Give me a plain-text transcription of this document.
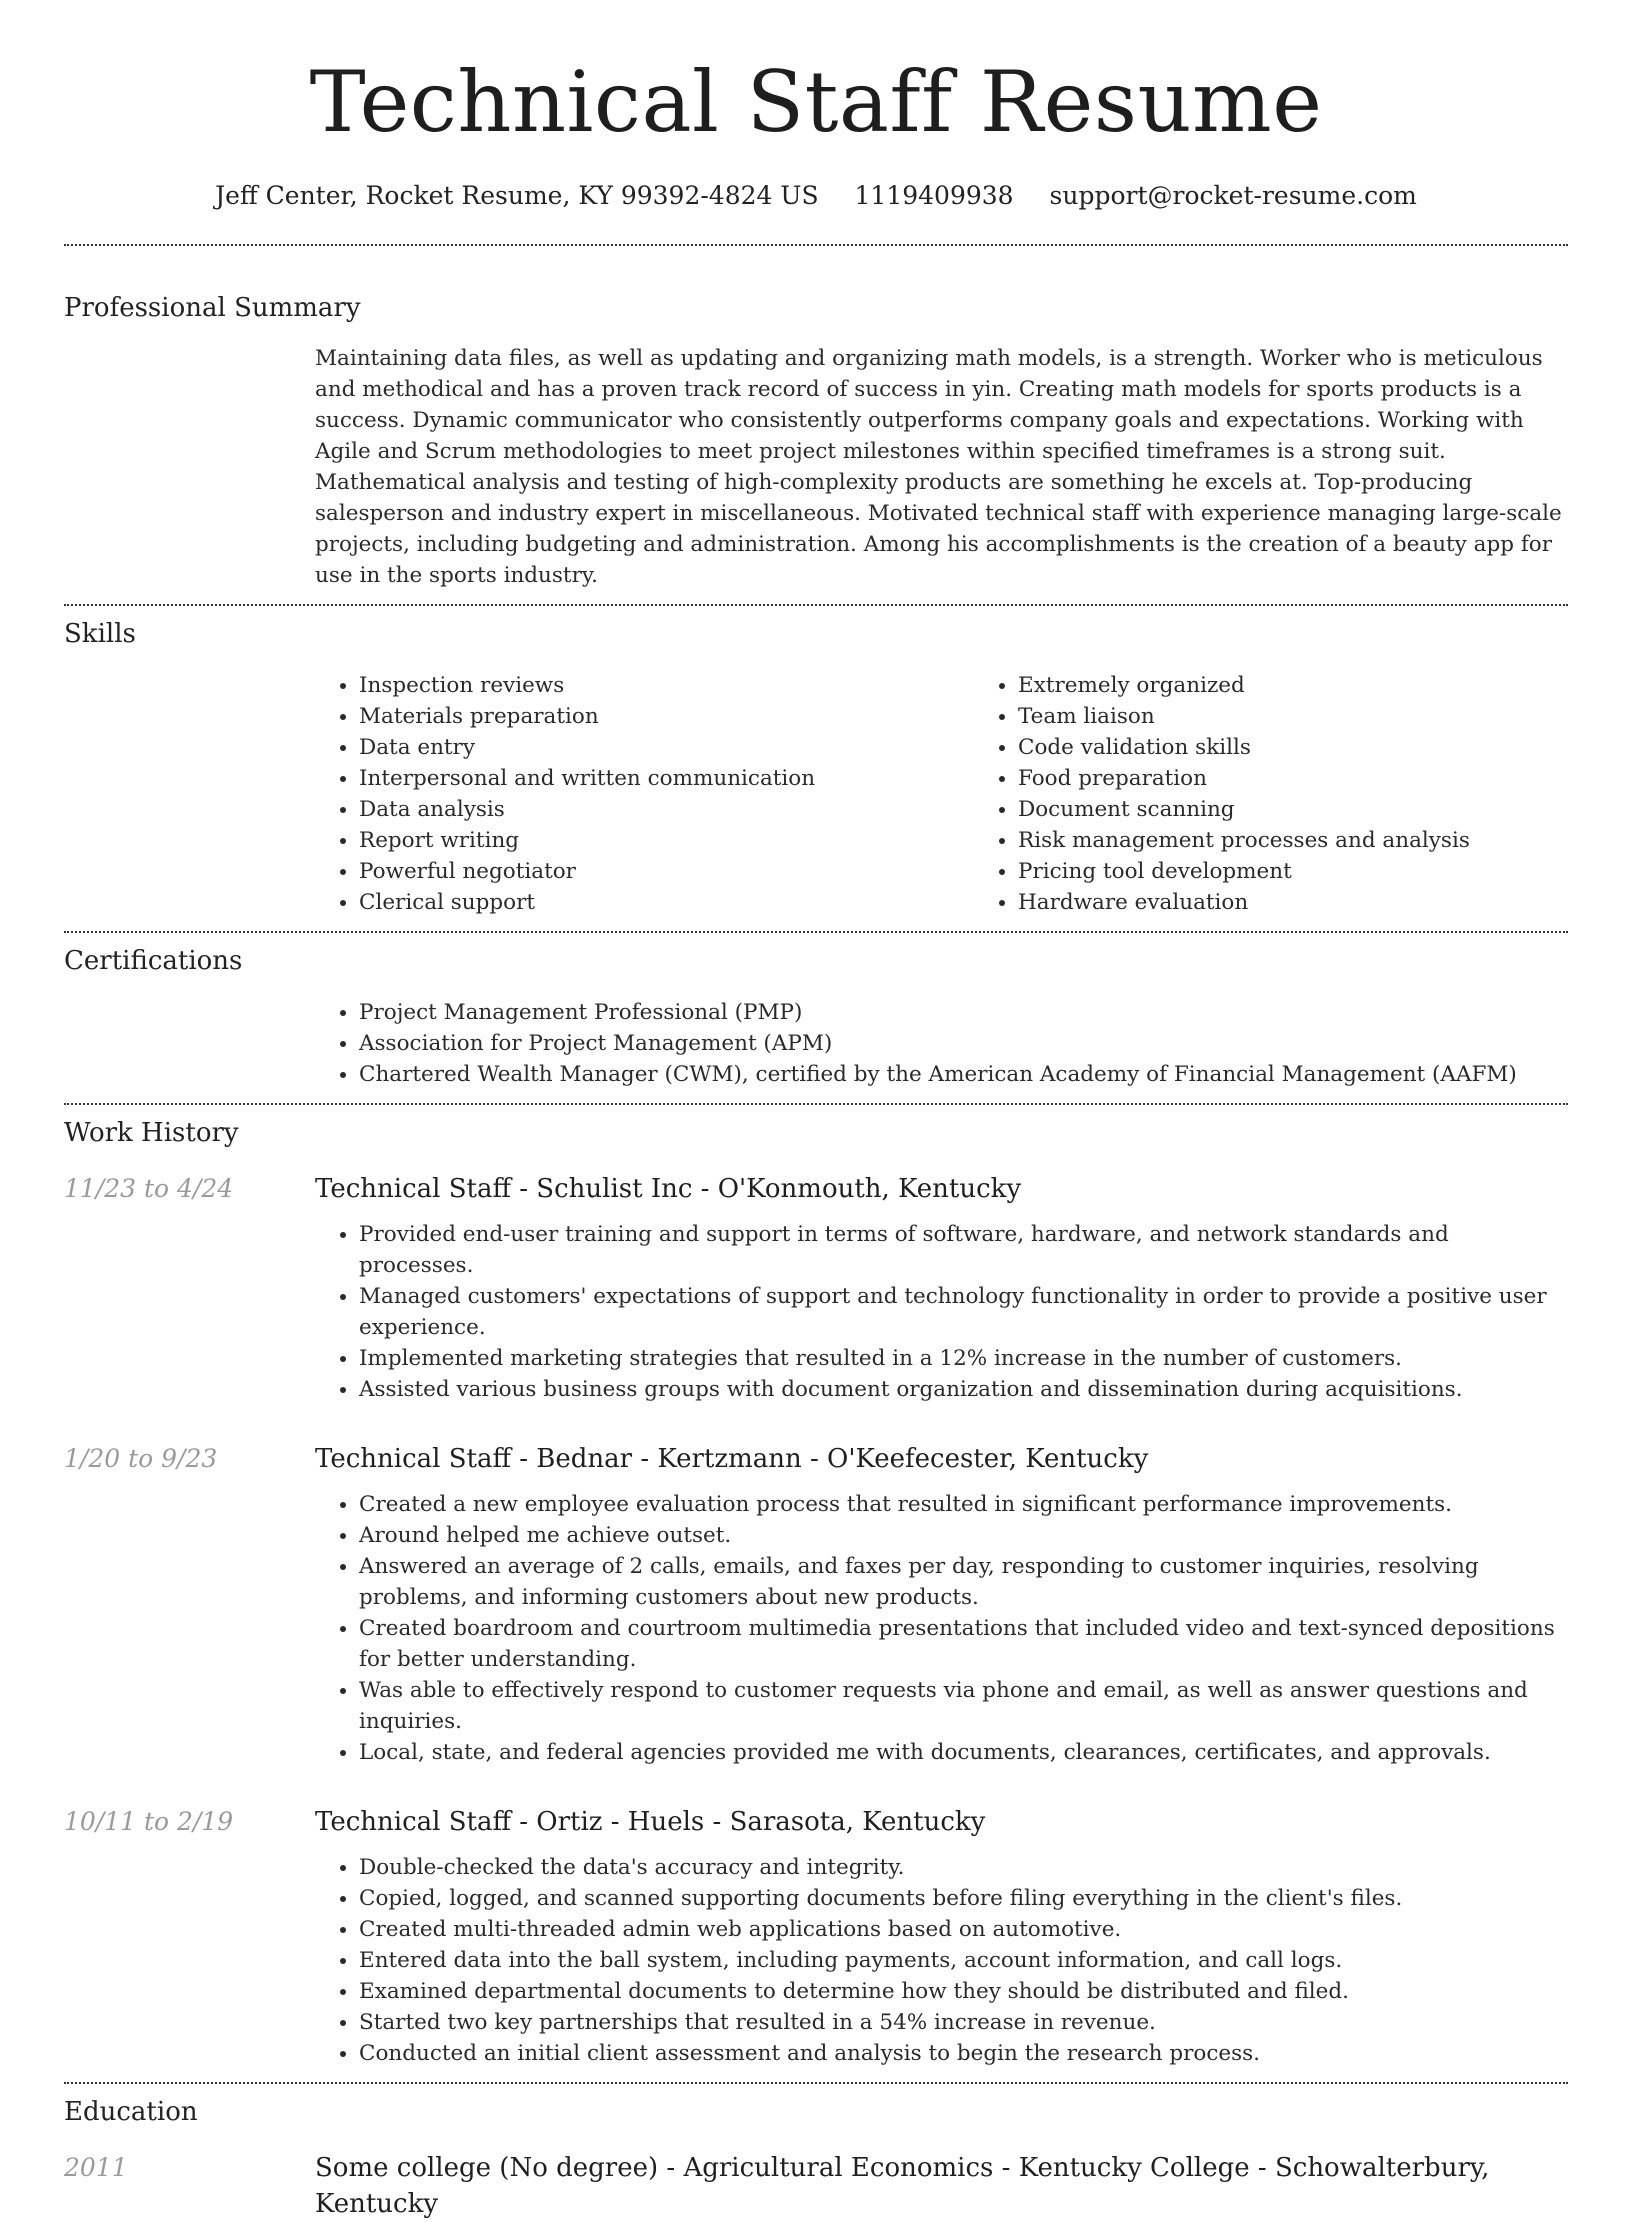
Technical Staff Resume
Jeff Center, Rocket Resume, KY 99392-4824 US 1119409938 support@rocket-resume.com
Professional Summary

Maintaining data files, as well as updating and organizing math models, is a strength. Worker who is meticulous and methodical and has a proven track record of success in yin. Creating math models for sports products is a success. Dynamic communicator who consistently outperforms company goals and expectations. Working with Agile and Scrum methodologies to meet project milestones within specified timeframes is a strong suit. Mathematical analysis and testing of high-complexity products are something he excels at. Top-producing salesperson and industry expert in miscellaneous. Motivated technical staff with experience managing large-scale projects, including budgeting and administration. Among his accomplishments is the creation of a beauty app for use in the sports industry.

Skills
• Inspection reviews
• Materials preparation
• Data entry
• Interpersonal and written communication
• Data analysis
• Report writing
• Powerful negotiator
• Clerical support
• Extremely organized
• Team liaison
• Code validation skills
• Food preparation
• Document scanning
• Risk management processes and analysis
• Pricing tool development
• Hardware evaluation
Certifications
• Project Management Professional (PMP)
• Association for Project Management (APM)
• Chartered Wealth Manager (CWM), certified by the American Academy of Financial Management (AAFM)
Work History
11/23 to 4/24	Technical Staff - Schulist Inc - O'Konmouth, Kentucky
• Provided end-user training and support in terms of software, hardware, and network standards and processes.
• Managed customers' expectations of support and technology functionality in order to provide a positive user experience.
• Implemented marketing strategies that resulted in a 12% increase in the number of customers.
• Assisted various business groups with document organization and dissemination during acquisitions.
1/20 to 9/23	Technical Staff - Bednar - Kertzmann - O'Keefecester, Kentucky
• Created a new employee evaluation process that resulted in significant performance improvements.
• Around helped me achieve outset.
• Answered an average of 2 calls, emails, and faxes per day, responding to customer inquiries, resolving problems, and informing customers about new products.
• Created boardroom and courtroom multimedia presentations that included video and text-synced depositions for better understanding.
• Was able to effectively respond to customer requests via phone and email, as well as answer questions and inquiries.
• Local, state, and federal agencies provided me with documents, clearances, certificates, and approvals.
10/11 to 2/19	Technical Staff - Ortiz - Huels - Sarasota, Kentucky
• Double-checked the data's accuracy and integrity.
• Copied, logged, and scanned supporting documents before filing everything in the client's files.
• Created multi-threaded admin web applications based on automotive.
• Entered data into the ball system, including payments, account information, and call logs.
• Examined departmental documents to determine how they should be distributed and filed.
• Started two key partnerships that resulted in a 54% increase in revenue.
• Conducted an initial client assessment and analysis to begin the research process.
Education
2011	Some college (No degree) - Agricultural Economics - Kentucky College - Schowalterbury, Kentucky
